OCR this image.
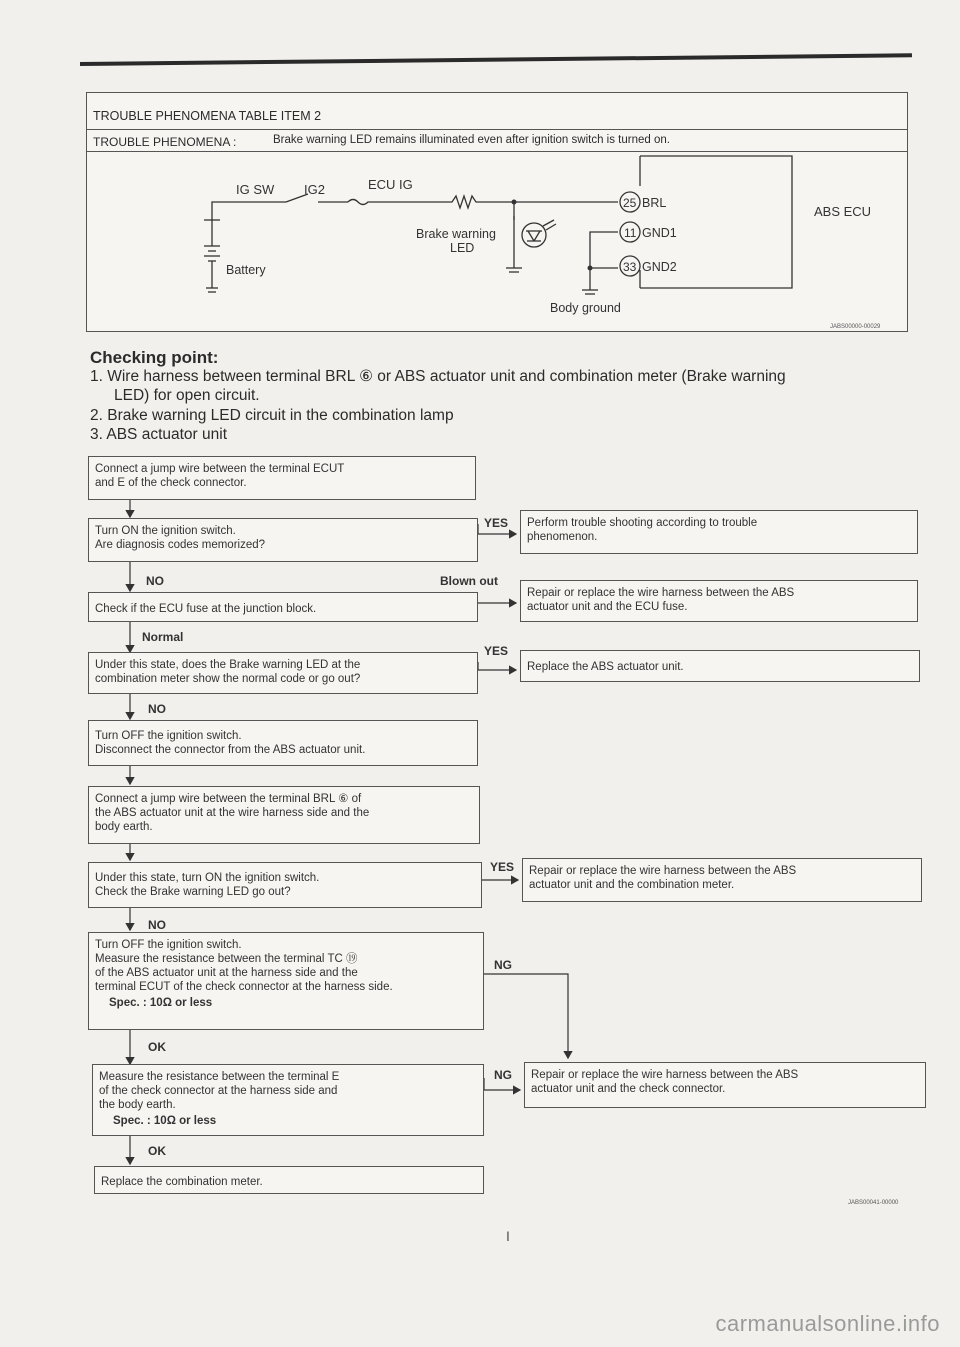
TROUBLE PHENOMENA TABLE ITEM 2
TROUBLE PHENOMENA :	Brake warning LED remains illuminated even after ignition switch is turned on.
IG SW IG2	ECU IG
Battery
Brake warning
LED
25 BRL
11 GND1
33 GND2
ABS ECU
Body ground
JABS00000-00029
Checking point:
1. Wire harness between terminal BRL ⑥ or ABS actuator unit and combination meter (Brake warning
LED) for open circuit.
2. Brake warning LED circuit in the combination lamp
3. ABS actuator unit
Connect a jump wire between the terminal ECUT
and E of the check connector.
Turn ON the ignition switch.
Are diagnosis codes memorized?
Perform trouble shooting according to trouble
phenomenon.
Check if the ECU fuse at the junction block.
Repair or replace the wire harness between the ABS
actuator unit and the ECU fuse.
Under this state, does the Brake warning LED at the
combination meter show the normal code or go out?
Replace the ABS actuator unit.
Turn OFF the ignition switch.
Disconnect the connector from the ABS actuator unit.
Connect a jump wire between the terminal BRL ⑥ of
the ABS actuator unit at the wire harness side and the
body earth.
Under this state, turn ON the ignition switch.
Check the Brake warning LED go out?
Repair or replace the wire harness between the ABS
actuator unit and the combination meter.
Turn OFF the ignition switch.
Measure the resistance between the terminal TC ⑲
of the ABS actuator unit at the harness side and the
terminal ECUT of the check connector at the harness side.
Spec. : 10Ω or less
Measure the resistance between the terminal E
of the check connector at the harness side and
the body earth.
Spec. : 10Ω or less
Repair or replace the wire harness between the ABS
actuator unit and the check connector.
Replace the combination meter.
YES
NO	Blown out
Normal
YES
NO
YES
NO
NG
OK
NG
OK
JABS00041-00000
I
carmanualsonline.info
